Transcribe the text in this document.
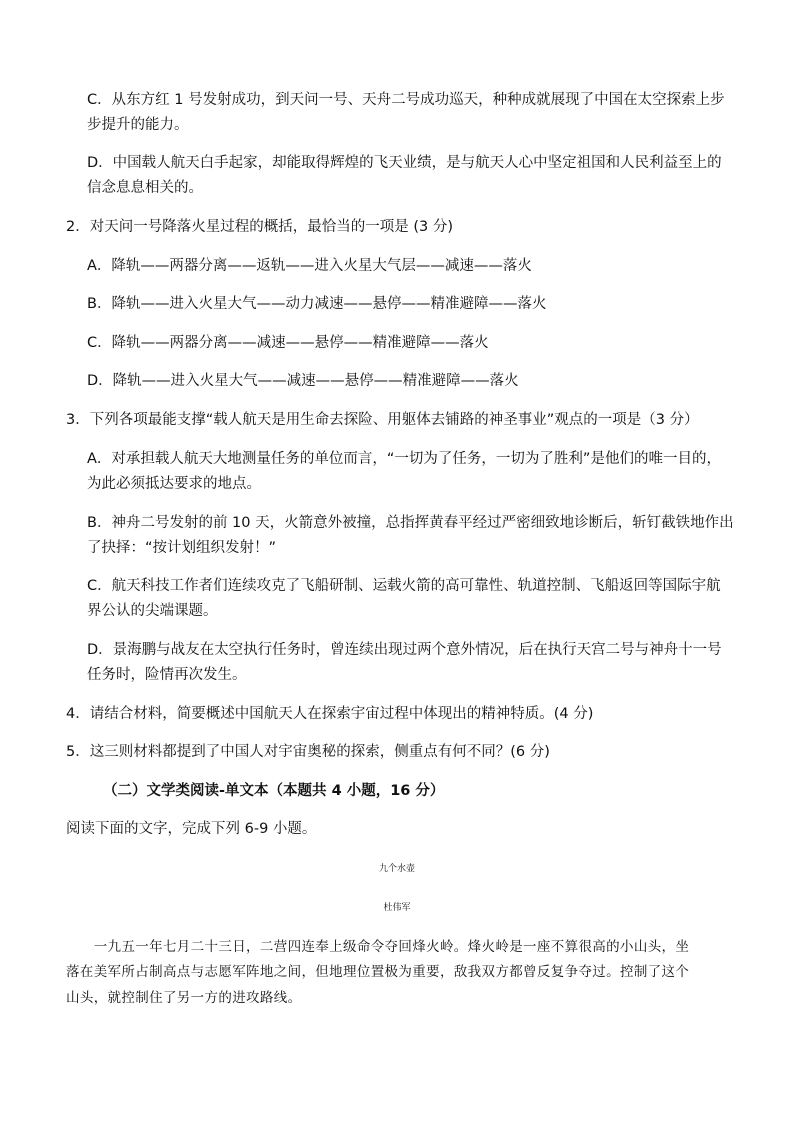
C．从东方红 1 号发射成功，到天问一号、天舟二号成功巡天，种种成就展现了中国在太空探索上步
步提升的能力。
D．中国载人航天白手起家，却能取得辉煌的飞天业绩，是与航天人心中坚定祖国和人民利益至上的
信念息息相关的。
2．对天问一号降落火星过程的概括，最恰当的一项是 (3 分)
A．降轨——两器分离——返轨——进入火星大气层——减速——落火
B．降轨——进入火星大气——动力减速——悬停——精准避障——落火
C．降轨——两器分离——减速——悬停——精准避障——落火
D．降轨——进入火星大气——减速——悬停——精准避障——落火
3．下列各项最能支撑“载人航天是用生命去探险、用躯体去铺路的神圣事业”观点的一项是（3 分）
A．对承担载人航天大地测量任务的单位而言，“一切为了任务，一切为了胜利”是他们的唯一目的，
为此必须抵达要求的地点。
B．神舟二号发射的前 10 天，火箭意外被撞，总指挥黄春平经过严密细致地诊断后，斩钉截铁地作出
了抉择：“按计划组织发射！”
C．航天科技工作者们连续攻克了飞船研制、运载火箭的高可靠性、轨道控制、飞船返回等国际宇航
界公认的尖端课题。
D．景海鹏与战友在太空执行任务时，曾连续出现过两个意外情况，后在执行天宫二号与神舟十一号
任务时，险情再次发生。
4．请结合材料，简要概述中国航天人在探索宇宙过程中体现出的精神特质。(4 分)
5．这三则材料都提到了中国人对宇宙奥秘的探索，侧重点有何不同？(6 分)
（二）文学类阅读-单文本（本题共 4 小题，16 分）
阅读下面的文字，完成下列 6-9 小题。
九个水壶
杜伟军
　　一九五一年七月二十三日，二营四连奉上级命令夺回烽火岭。烽火岭是一座不算很高的小山头，坐
落在美军所占制高点与志愿军阵地之间，但地理位置极为重要，敌我双方都曾反复争夺过。控制了这个
山头，就控制住了另一方的进攻路线。
